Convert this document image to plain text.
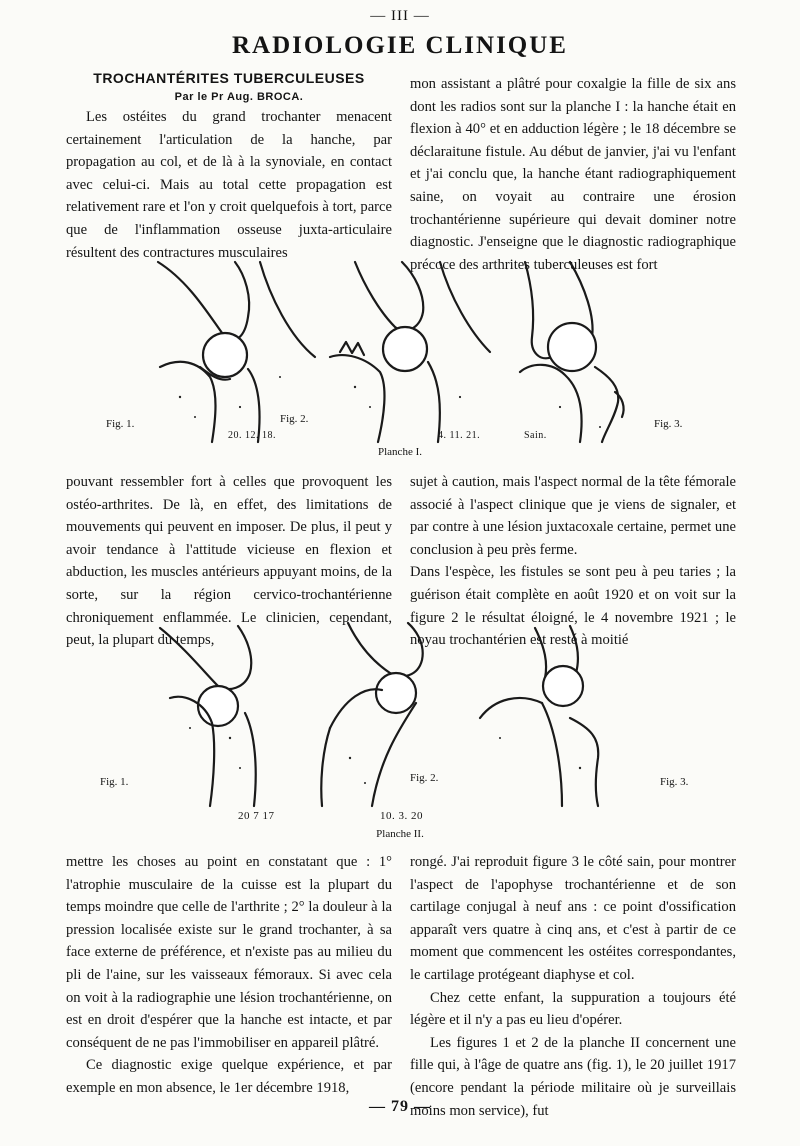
— III —
RADIOLOGIE CLINIQUE

TROCHANTÉRITES TUBERCULEUSES

Par le Pr Aug. BROCA.

Les ostéites du grand trochanter menacent certainement l'articulation de la hanche, par propagation au col, et de là à la synoviale, en contact avec celui-ci. Mais au total cette propagation est relativement rare et l'on y croit quelquefois à tort, parce que de l'inflammation osseuse juxta-articulaire résultent des contractures musculaires

mon assistant a plâtré pour coxalgie la fille de six ans dont les radios sont sur la planche I : la hanche était en flexion à 40° et en adduction légère ; le 18 décembre se déclaraitune fistule. Au début de janvier, j'ai vu l'enfant et j'ai conclu que, la hanche étant radiographiquement saine, on voyait au contraire une érosion trochantérienne supérieure qui devait dominer notre diagnostic. J'enseigne que le diagnostic radiographique précoce des arthrites tuberculeuses est fort

Fig. 1.	Fig. 2.	Fig. 3.
20. 12. 18.	4. 11. 21.	Sain.
Planche I.

pouvant ressembler fort à celles que provoquent les ostéo-arthrites. De là, en effet, des limitations de mouvements qui peuvent en imposer. De plus, il peut y avoir tendance à l'attitude vicieuse en flexion et abduction, les muscles antérieurs appuyant moins, de la sorte, sur la région cervico-trochantérienne chroniquement enflammée. Le clinicien, cependant, peut, la plupart du temps,

sujet à caution, mais l'aspect normal de la tête fémorale associé à l'aspect clinique que je viens de signaler, et par contre à une lésion juxtacoxale certaine, permet une conclusion à peu près ferme.

Dans l'espèce, les fistules se sont peu à peu taries ; la guérison était complète en août 1920 et on voit sur la figure 2 le résultat éloigné, le 4 novembre 1921 ; le noyau trochantérien est resté à moitié

Fig. 1.	Fig. 2.	Fig. 3.
20 7 17	10. 3. 20
Planche II.

mettre les choses au point en constatant que : 1° l'atrophie musculaire de la cuisse est la plupart du temps moindre que celle de l'arthrite ; 2° la douleur à la pression localisée existe sur le grand trochanter, à sa face externe de préférence, et n'existe pas au milieu du pli de l'aine, sur les vaisseaux fémoraux. Si avec cela on voit à la radiographie une lésion trochantérienne, on est en droit d'espérer que la hanche est intacte, et par conséquent de ne pas l'immobiliser en appareil plâtré.

Ce diagnostic exige quelque expérience, et par exemple en mon absence, le 1er décembre 1918,

rongé. J'ai reproduit figure 3 le côté sain, pour montrer l'aspect de l'apophyse trochantérienne et de son cartilage conjugal à neuf ans : ce point d'ossification apparaît vers quatre à cinq ans, et c'est à partir de ce moment que commencent les ostéites correspondantes, le cartilage protégeant diaphyse et col.

Chez cette enfant, la suppuration a toujours été légère et il n'y a pas eu lieu d'opérer.

Les figures 1 et 2 de la planche II concernent une fille qui, à l'âge de quatre ans (fig. 1), le 20 juillet 1917 (encore pendant la période militaire où je surveillais moins mon service), fut

— 79 —
